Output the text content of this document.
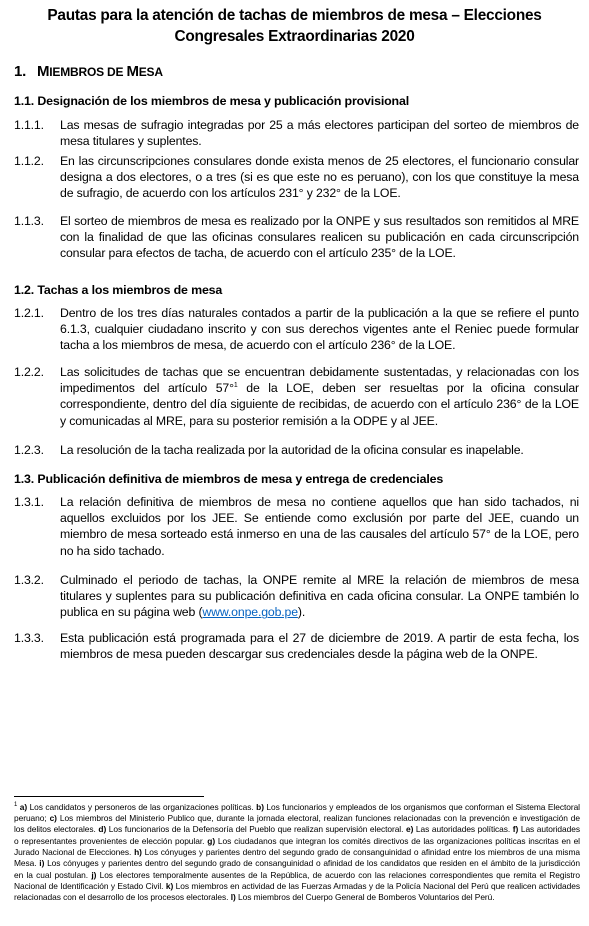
Pautas para la atención de tachas de miembros de mesa – Elecciones
Congresales Extraordinarias 2020
1. MIEMBROS DE MESA
1.1. Designación de los miembros de mesa y publicación provisional
1.1.1. Las mesas de sufragio integradas por 25 a más electores participan del sorteo de miembros de mesa titulares y suplentes.
1.1.2. En las circunscripciones consulares donde exista menos de 25 electores, el funcionario consular designa a dos electores, o a tres (si es que este no es peruano), con los que constituye la mesa de sufragio, de acuerdo con los artículos 231° y 232° de la LOE.
1.1.3. El sorteo de miembros de mesa es realizado por la ONPE y sus resultados son remitidos al MRE con la finalidad de que las oficinas consulares realicen su publicación en cada circunscripción consular para efectos de tacha, de acuerdo con el artículo 235° de la LOE.
1.2. Tachas a los miembros de mesa
1.2.1. Dentro de los tres días naturales contados a partir de la publicación a la que se refiere el punto 6.1.3, cualquier ciudadano inscrito y con sus derechos vigentes ante el Reniec puede formular tacha a los miembros de mesa, de acuerdo con el artículo 236° de la LOE.
1.2.2. Las solicitudes de tachas que se encuentran debidamente sustentadas, y relacionadas con los impedimentos del artículo 57°$^1$ de la LOE, deben ser resueltas por la oficina consular correspondiente, dentro del día siguiente de recibidas, de acuerdo con el artículo 236° de la LOE y comunicadas al MRE, para su posterior remisión a la ODPE y al JEE.
1.2.3. La resolución de la tacha realizada por la autoridad de la oficina consular es inapelable.
1.3. Publicación definitiva de miembros de mesa y entrega de credenciales
1.3.1. La relación definitiva de miembros de mesa no contiene aquellos que han sido tachados, ni aquellos excluidos por los JEE. Se entiende como exclusión por parte del JEE, cuando un miembro de mesa sorteado está inmerso en una de las causales del artículo 57° de la LOE, pero no ha sido tachado.
1.3.2. Culminado el periodo de tachas, la ONPE remite al MRE la relación de miembros de mesa titulares y suplentes para su publicación definitiva en cada oficina consular. La ONPE también lo publica en su página web (www.onpe.gob.pe).
1.3.3. Esta publicación está programada para el 27 de diciembre de 2019. A partir de esta fecha, los miembros de mesa pueden descargar sus credenciales desde la página web de la ONPE.
$^1$ a) Los candidatos y personeros de las organizaciones políticas. b) Los funcionarios y empleados de los organismos que conforman el Sistema Electoral peruano; c) Los miembros del Ministerio Publico que, durante la jornada electoral, realizan funciones relacionadas con la prevención e investigación de los delitos electorales. d) Los funcionarios de la Defensoría del Pueblo que realizan supervisión electoral. e) Las autoridades políticas. f) Las autoridades o representantes provenientes de elección popular. g) Los ciudadanos que integran los comités directivos de las organizaciones políticas inscritas en el Jurado Nacional de Elecciones. h) Los cónyuges y parientes dentro del segundo grado de consanguinidad o afinidad entre los miembros de una misma Mesa. i) Los cónyuges y parientes dentro del segundo grado de consanguinidad o afinidad de los candidatos que residen en el ámbito de la jurisdicción en la cual postulan. j) Los electores temporalmente ausentes de la República, de acuerdo con las relaciones correspondientes que remita el Registro Nacional de Identificación y Estado Civil. k) Los miembros en actividad de las Fuerzas Armadas y de la Policía Nacional del Perú que realicen actividades relacionadas con el desarrollo de los procesos electorales. l) Los miembros del Cuerpo General de Bomberos Voluntarios del Perú.
